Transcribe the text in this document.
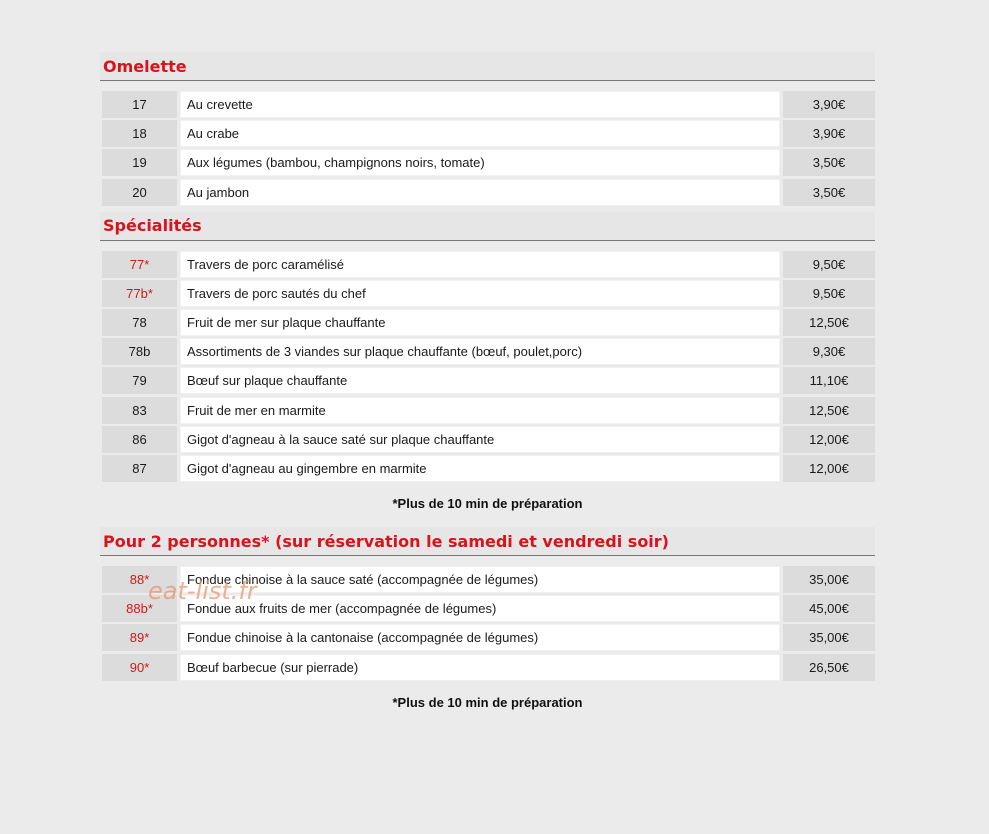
Omelette
17	Au crevette	3,90€
18	Au crabe	3,90€
19	Aux légumes (bambou, champignons noirs, tomate)	3,50€
20	Au jambon	3,50€
Spécialités
77*	Travers de porc caramélisé	9,50€
77b*	Travers de porc sautés du chef	9,50€
78	Fruit de mer sur plaque chauffante	12,50€
78b	Assortiments de 3 viandes sur plaque chauffante (bœuf, poulet,porc)	9,30€
79	Bœuf sur plaque chauffante	11,10€
83	Fruit de mer en marmite	12,50€
86	Gigot d'agneau à la sauce saté sur plaque chauffante	12,00€
87	Gigot d'agneau au gingembre en marmite	12,00€
*Plus de 10 min de préparation
Pour 2 personnes* (sur réservation le samedi et vendredi soir)
88*	Fondue chinoise à la sauce saté (accompagnée de légumes)	35,00€
88b*	Fondue aux fruits de mer (accompagnée de légumes)	45,00€
89*	Fondue chinoise à la cantonaise (accompagnée de légumes)	35,00€
90*	Bœuf barbecue (sur pierrade)	26,50€
*Plus de 10 min de préparation
eat-list.fr
